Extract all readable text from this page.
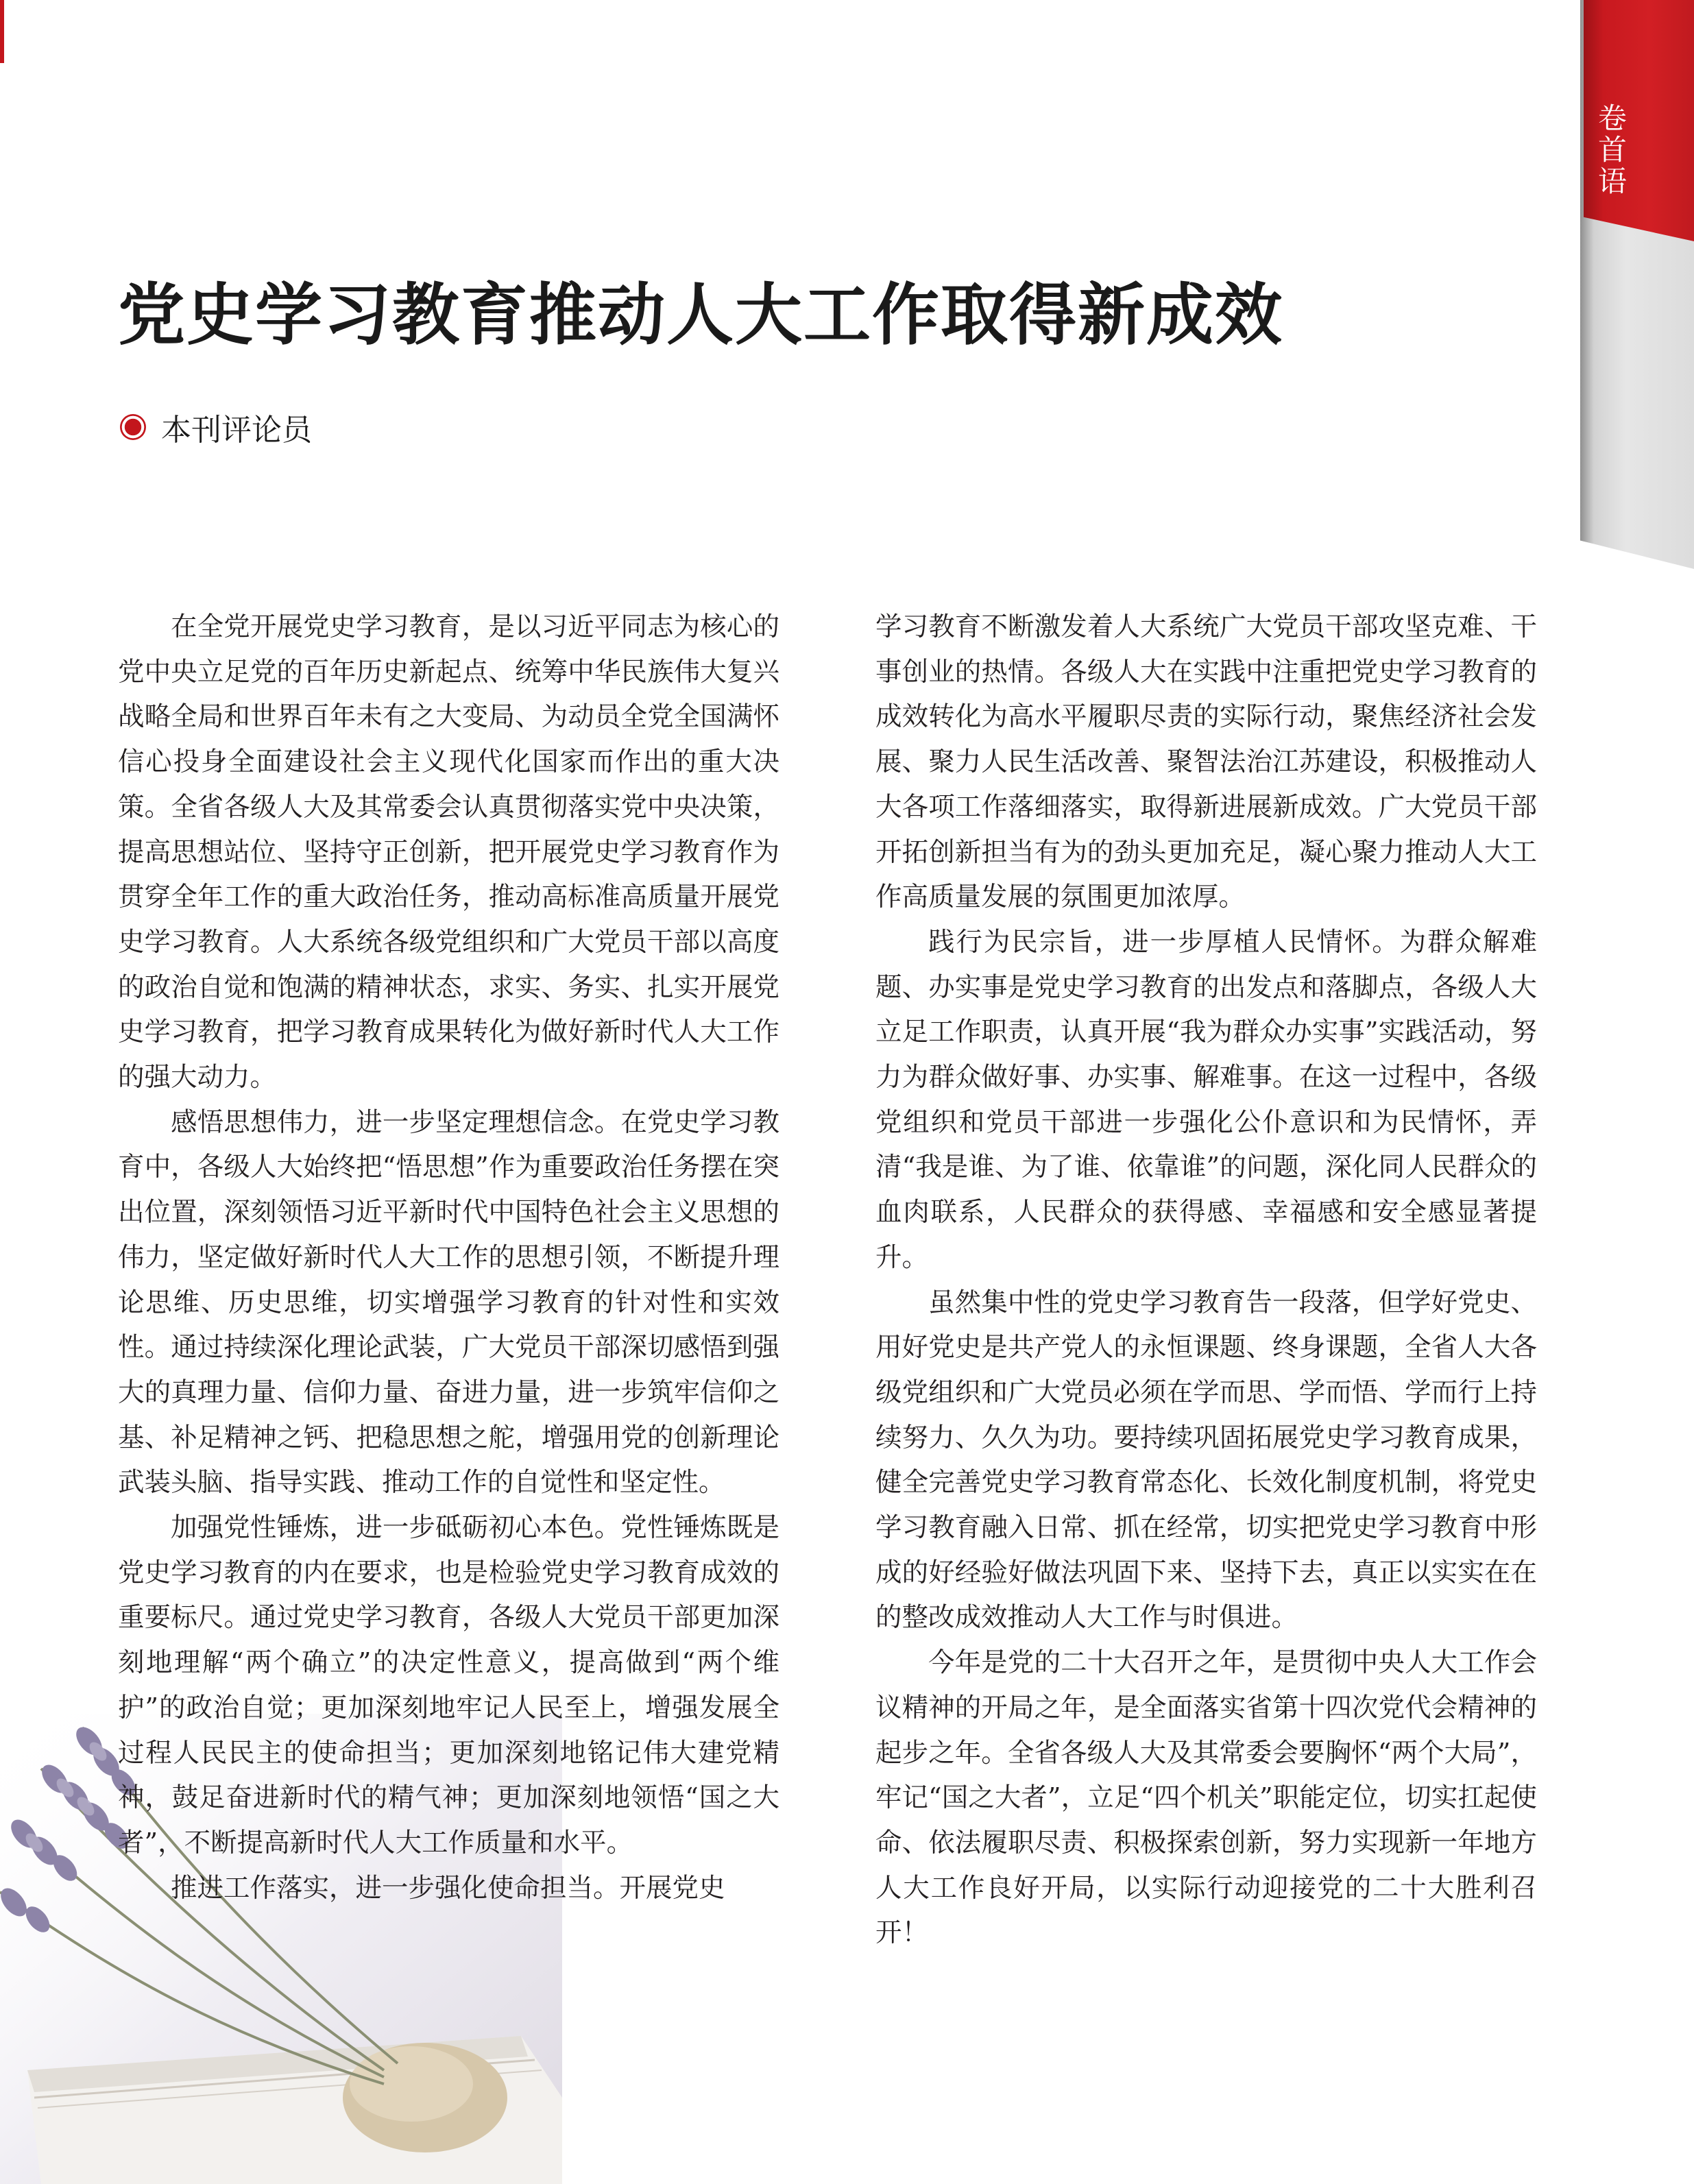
卷首语
党史学习教育推动人大工作取得新成效
本刊评论员

在全党开展党史学习教育，是以习近平同志为核心的党中央立足党的百年历史新起点、统筹中华民族伟大复兴战略全局和世界百年未有之大变局、为动员全党全国满怀信心投身全面建设社会主义现代化国家而作出的重大决策。全省各级人大及其常委会认真贯彻落实党中央决策，提高思想站位、坚持守正创新，把开展党史学习教育作为贯穿全年工作的重大政治任务，推动高标准高质量开展党史学习教育。人大系统各级党组织和广大党员干部以高度的政治自觉和饱满的精神状态，求实、务实、扎实开展党史学习教育，把学习教育成果转化为做好新时代人大工作的强大动力。

感悟思想伟力，进一步坚定理想信念。在党史学习教育中，各级人大始终把“悟思想”作为重要政治任务摆在突出位置，深刻领悟习近平新时代中国特色社会主义思想的伟力，坚定做好新时代人大工作的思想引领，不断提升理论思维、历史思维，切实增强学习教育的针对性和实效性。通过持续深化理论武装，广大党员干部深切感悟到强大的真理力量、信仰力量、奋进力量，进一步筑牢信仰之基、补足精神之钙、把稳思想之舵，增强用党的创新理论武装头脑、指导实践、推动工作的自觉性和坚定性。

加强党性锤炼，进一步砥砺初心本色。党性锤炼既是党史学习教育的内在要求，也是检验党史学习教育成效的重要标尺。通过党史学习教育，各级人大党员干部更加深刻地理解“两个确立”的决定性意义，提高做到“两个维护”的政治自觉；更加深刻地牢记人民至上，增强发展全过程人民民主的使命担当；更加深刻地铭记伟大建党精神，鼓足奋进新时代的精气神；更加深刻地领悟“国之大者”，不断提高新时代人大工作质量和水平。

推进工作落实，进一步强化使命担当。开展党史

学习教育不断激发着人大系统广大党员干部攻坚克难、干事创业的热情。各级人大在实践中注重把党史学习教育的成效转化为高水平履职尽责的实际行动，聚焦经济社会发展、聚力人民生活改善、聚智法治江苏建设，积极推动人大各项工作落细落实，取得新进展新成效。广大党员干部开拓创新担当有为的劲头更加充足，凝心聚力推动人大工作高质量发展的氛围更加浓厚。

践行为民宗旨，进一步厚植人民情怀。为群众解难题、办实事是党史学习教育的出发点和落脚点，各级人大立足工作职责，认真开展“我为群众办实事”实践活动，努力为群众做好事、办实事、解难事。在这一过程中，各级党组织和党员干部进一步强化公仆意识和为民情怀，弄清“我是谁、为了谁、依靠谁”的问题，深化同人民群众的血肉联系，人民群众的获得感、幸福感和安全感显著提升。

虽然集中性的党史学习教育告一段落，但学好党史、用好党史是共产党人的永恒课题、终身课题，全省人大各级党组织和广大党员必须在学而思、学而悟、学而行上持续努力、久久为功。要持续巩固拓展党史学习教育成果，健全完善党史学习教育常态化、长效化制度机制，将党史学习教育融入日常、抓在经常，切实把党史学习教育中形成的好经验好做法巩固下来、坚持下去，真正以实实在在的整改成效推动人大工作与时俱进。

今年是党的二十大召开之年，是贯彻中央人大工作会议精神的开局之年，是全面落实省第十四次党代会精神的起步之年。全省各级人大及其常委会要胸怀“两个大局”，牢记“国之大者”，立足“四个机关”职能定位，切实扛起使命、依法履职尽责、积极探索创新，努力实现新一年地方人大工作良好开局，以实际行动迎接党的二十大胜利召开！
